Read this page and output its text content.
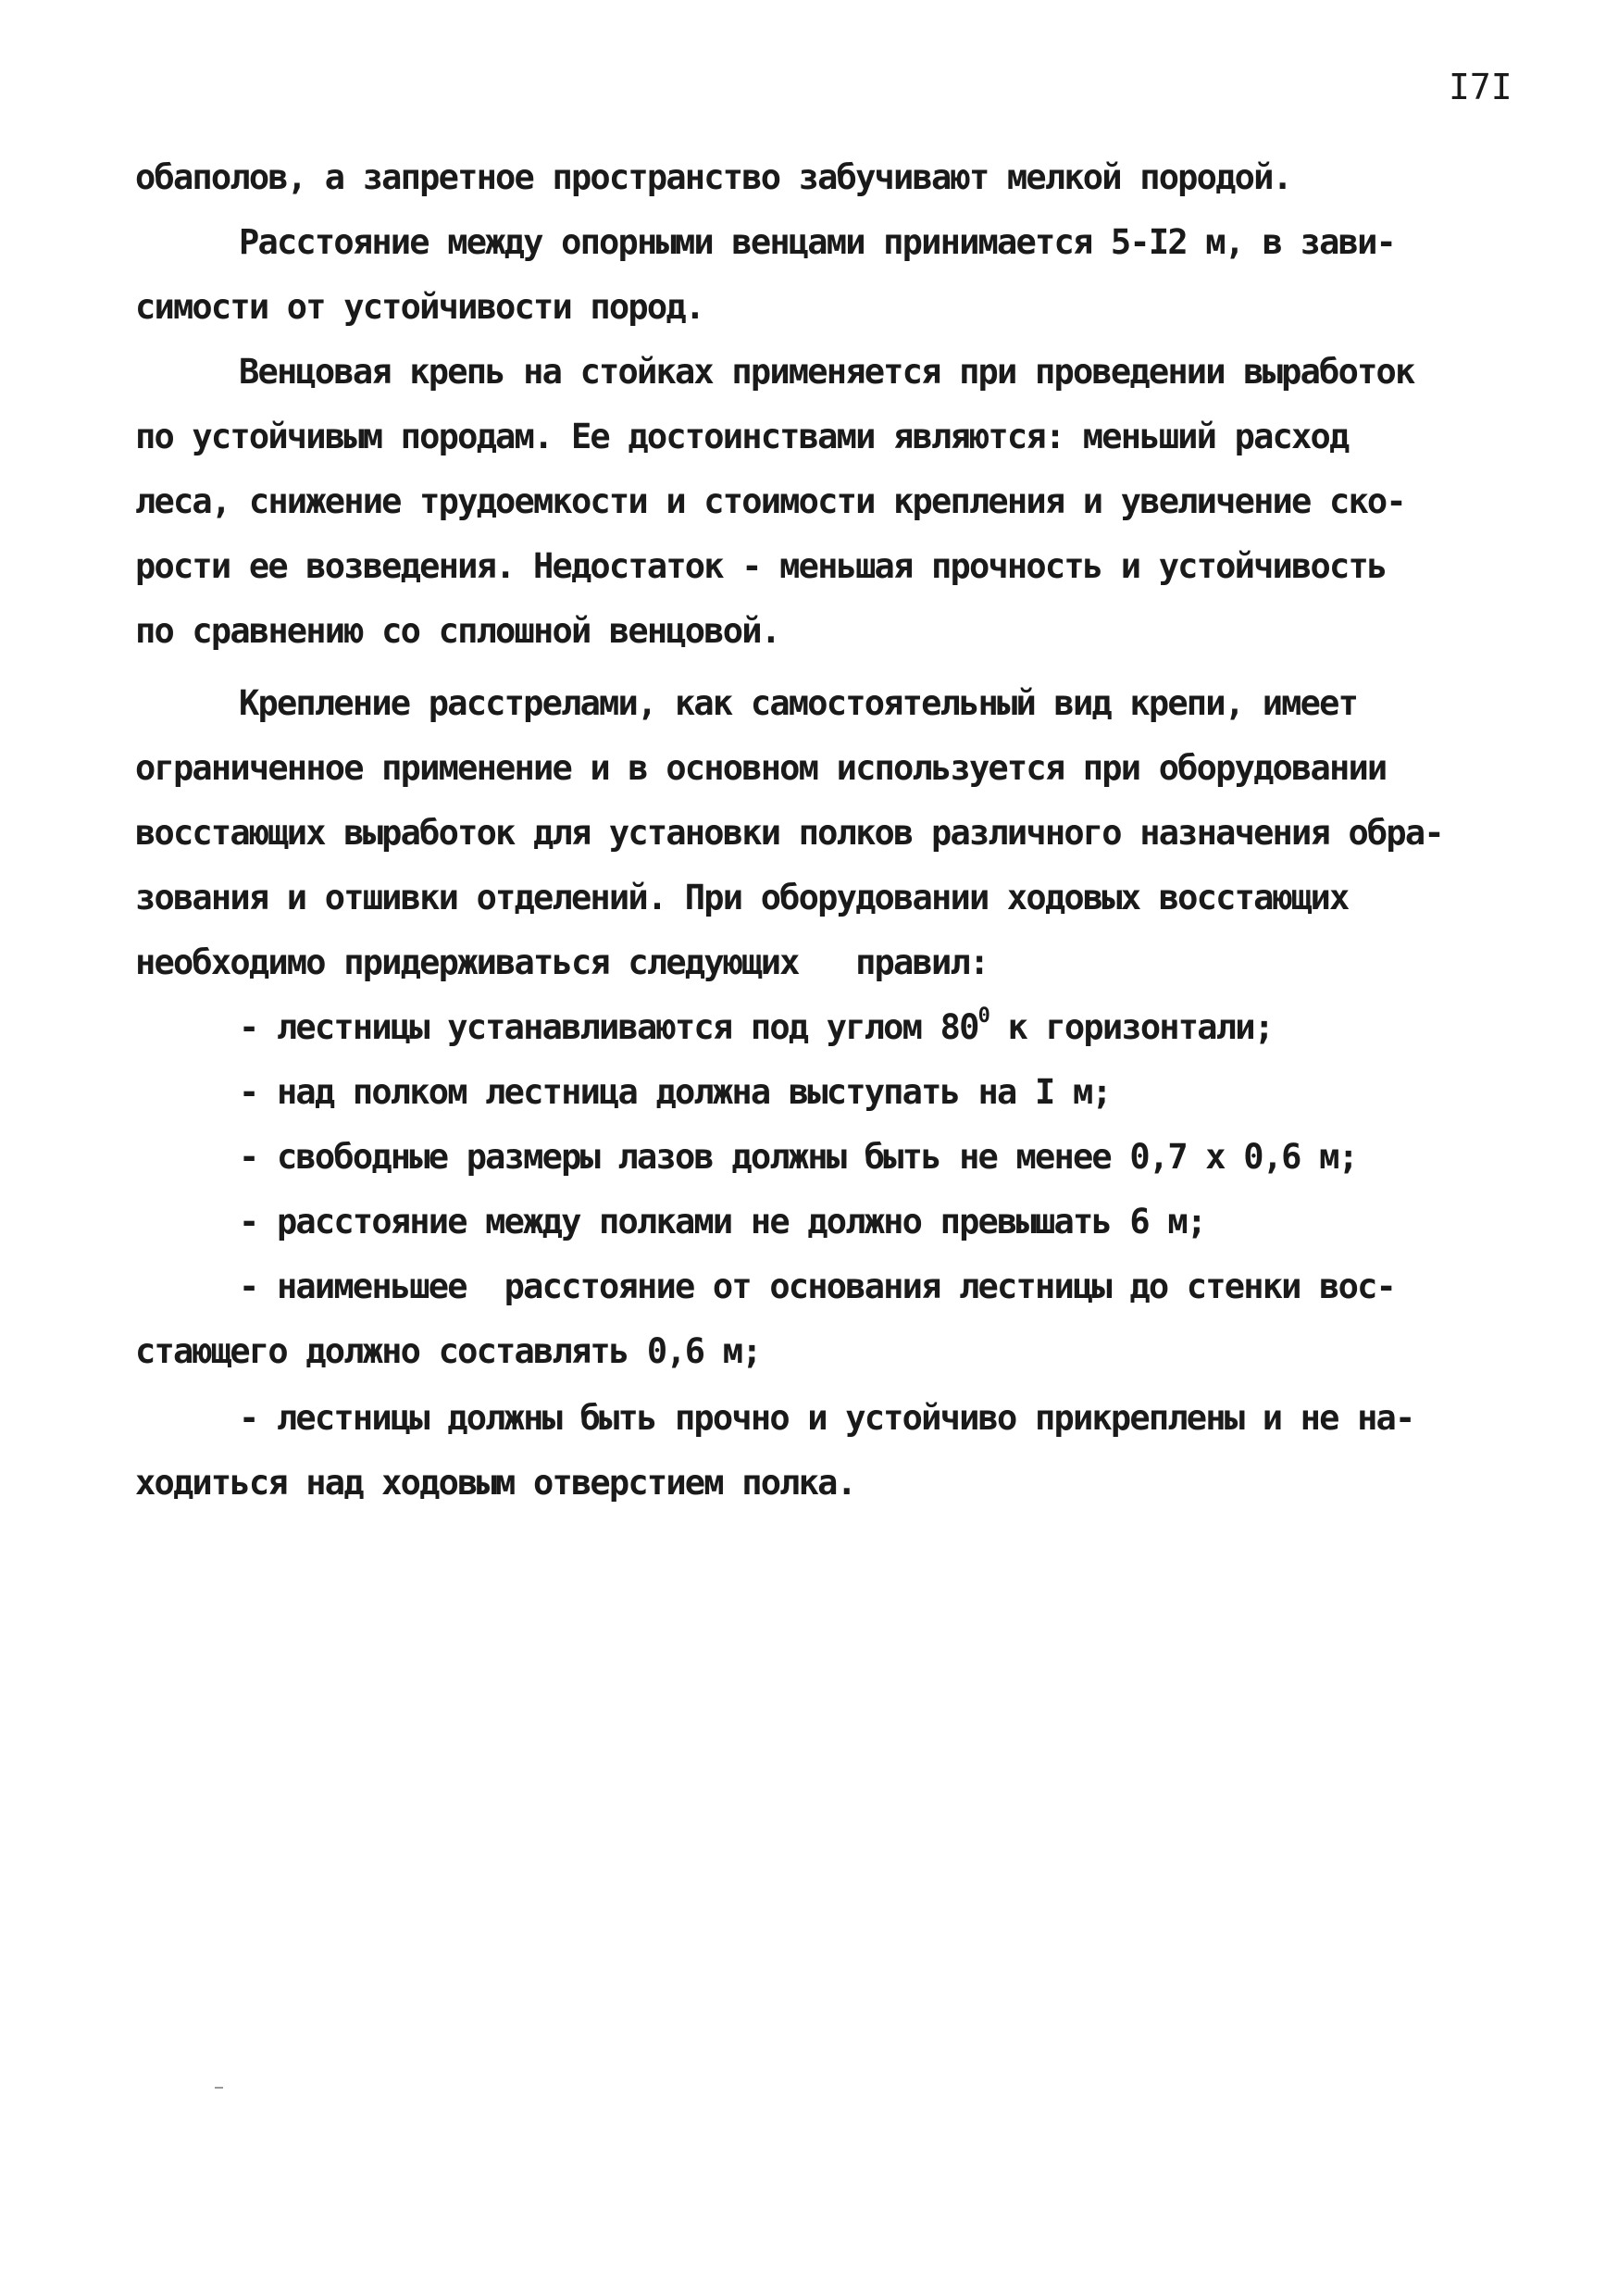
I7I
обаполов, а запретное пространство забучивают мелкой породой.
Расстояние между опорными венцами принимается 5-I2 м, в зави-
симости от устойчивости пород.
Венцовая крепь на стойках применяется при проведении выработок
по устойчивым породам. Ее достоинствами являются: меньший расход
леса, снижение трудоемкости и стоимости крепления и увеличение ско-
рости ее возведения. Недостаток - меньшая прочность и устойчивость
по сравнению со сплошной венцовой.
Крепление расстрелами, как самостоятельный вид крепи, имеет
ограниченное применение и в основном используется при оборудовании
восстающих выработок для установки полков различного назначения обра-
зования и отшивки отделений. При оборудовании ходовых восстающих
необходимо придерживаться следующих   правил:
- лестницы устанавливаются под углом $80^0$ к горизонтали;
- над полком лестница должна выступать на I м;
- свободные размеры лазов должны быть не менее 0,7 х 0,6 м;
- расстояние между полками не должно превышать 6 м;
- наименьшее  расстояние от основания лестницы до стенки вос-
стающего должно составлять 0,6 м;
- лестницы должны быть прочно и устойчиво прикреплены и не на-
ходиться над ходовым отверстием полка.
